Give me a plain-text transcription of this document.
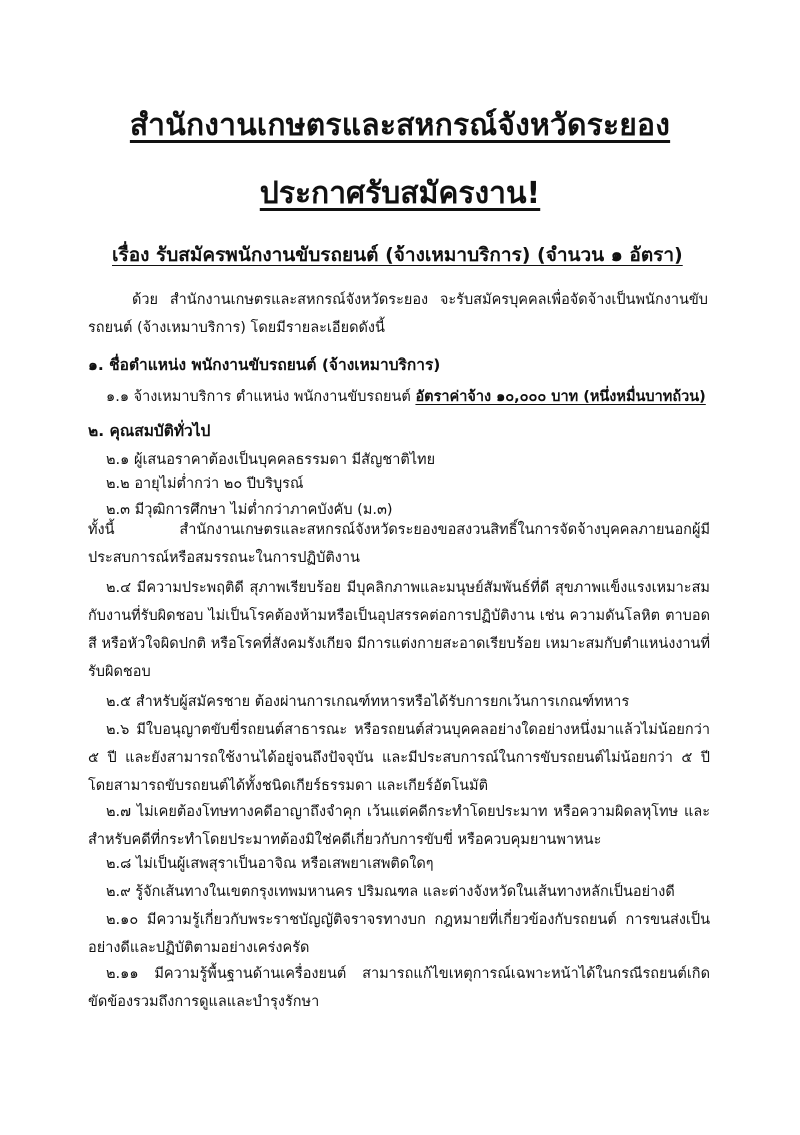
สำนักงานเกษตรและสหกรณ์จังหวัดระยอง
ประกาศรับสมัครงาน!
เรื่อง รับสมัครพนักงานขับรถยนต์ (จ้างเหมาบริการ) (จำนวน ๑ อัตรา)
ด้วย สำนักงานเกษตรและสหกรณ์จังหวัดระยอง จะรับสมัครบุคคลเพื่อจัดจ้างเป็นพนักงานขับรถยนต์ (จ้างเหมาบริการ) โดยมีรายละเอียดดังนี้
๑. ชื่อตำแหน่ง พนักงานขับรถยนต์ (จ้างเหมาบริการ)
๑.๑ จ้างเหมาบริการ ตำแหน่ง พนักงานขับรถยนต์ อัตราค่าจ้าง ๑๐,๐๐๐ บาท (หนึ่งหมื่นบาทถ้วน)
๒. คุณสมบัติทั่วไป
๒.๑ ผู้เสนอราคาต้องเป็นบุคคลธรรมดา มีสัญชาติไทย
๒.๒ อายุไม่ต่ำกว่า ๒๐ ปีบริบูรณ์
๒.๓ มีวุฒิการศึกษา ไม่ต่ำกว่าภาคบังคับ (ม.๓)
ทั้งนี้ สำนักงานเกษตรและสหกรณ์จังหวัดระยองขอสงวนสิทธิ์ในการจัดจ้างบุคคลภายนอกผู้มีประสบการณ์หรือสมรรถนะในการปฏิบัติงาน
๒.๔ มีความประพฤติดี สุภาพเรียบร้อย มีบุคลิกภาพและมนุษย์สัมพันธ์ที่ดี สุขภาพแข็งแรงเหมาะสมกับงานที่รับผิดชอบ ไม่เป็นโรคต้องห้ามหรือเป็นอุปสรรคต่อการปฏิบัติงาน เช่น ความดันโลหิต ตาบอดสี หรือหัวใจผิดปกติ หรือโรคที่สังคมรังเกียจ มีการแต่งกายสะอาดเรียบร้อย เหมาะสมกับตำแหน่งงานที่รับผิดชอบ
๒.๕ สำหรับผู้สมัครชาย ต้องผ่านการเกณฑ์ทหารหรือได้รับการยกเว้นการเกณฑ์ทหาร
๒.๖ มีใบอนุญาตขับขี่รถยนต์สาธารณะ หรือรถยนต์ส่วนบุคคลอย่างใดอย่างหนึ่งมาแล้วไม่น้อยกว่า ๕ ปี และยังสามารถใช้งานได้อยู่จนถึงปัจจุบัน และมีประสบการณ์ในการขับรถยนต์ไม่น้อยกว่า ๕ ปี โดยสามารถขับรถยนต์ได้ทั้งชนิดเกียร์ธรรมดา และเกียร์อัตโนมัติ
๒.๗ ไม่เคยต้องโทษทางคดีอาญาถึงจำคุก เว้นแต่คดีกระทำโดยประมาท หรือความผิดลหุโทษ และสำหรับคดีที่กระทำโดยประมาทต้องมิใช่คดีเกี่ยวกับการขับขี่ หรือควบคุมยานพาหนะ
๒.๘ ไม่เป็นผู้เสพสุราเป็นอาจิณ หรือเสพยาเสพติดใดๆ
๒.๙ รู้จักเส้นทางในเขตกรุงเทพมหานคร ปริมณฑล และต่างจังหวัดในเส้นทางหลักเป็นอย่างดี
๒.๑๐ มีความรู้เกี่ยวกับพระราชบัญญัติจราจรทางบก กฎหมายที่เกี่ยวข้องกับรถยนต์ การขนส่งเป็นอย่างดีและปฏิบัติตามอย่างเคร่งครัด
๒.๑๑ มีความรู้พื้นฐานด้านเครื่องยนต์ สามารถแก้ไขเหตุการณ์เฉพาะหน้าได้ในกรณีรถยนต์เกิดขัดข้องรวมถึงการดูแลและบำรุงรักษา
